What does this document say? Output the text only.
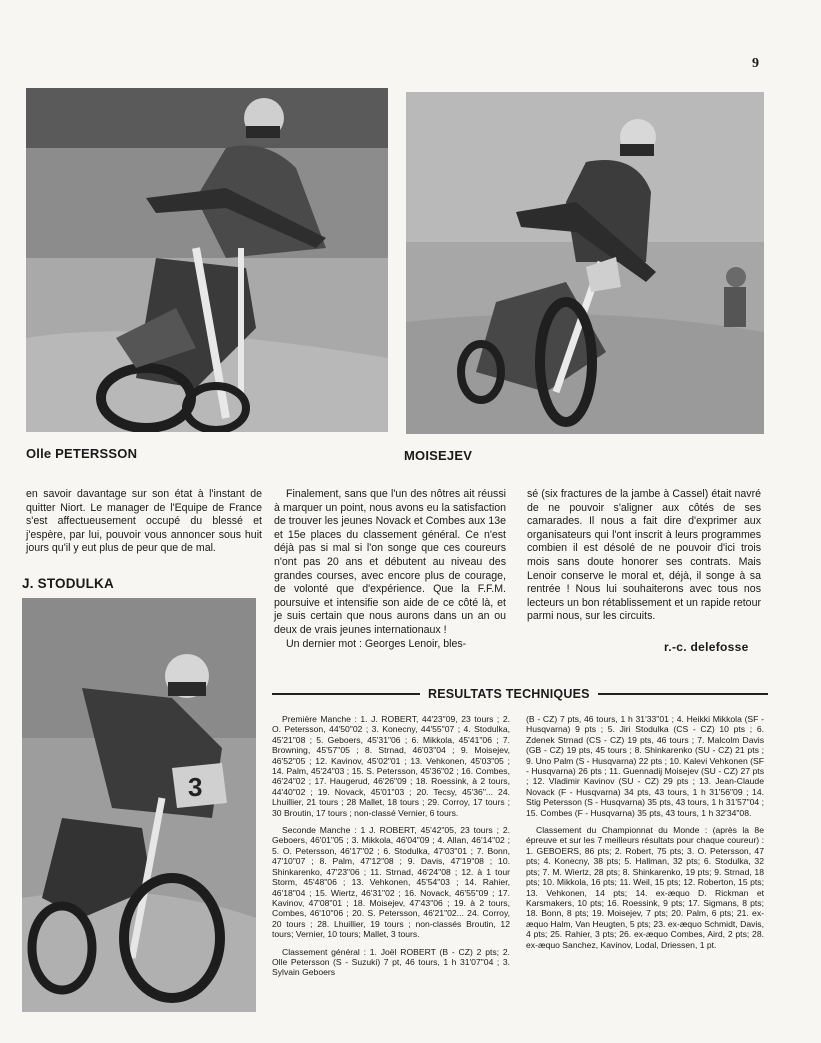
9
3
Olle PETERSSON	MOISEJEV
J. STODULKA

en savoir davantage sur son état à l'instant de quitter Niort. Le manager de l'Equipe de France s'est affectueusement occupé du blessé et j'espère, par lui, pouvoir vous annoncer sous huit jours qu'il y eut plus de peur que de mal.

Finalement, sans que l'un des nôtres ait réussi à marquer un point, nous avons eu la satisfaction de trouver les jeunes Novack et Combes aux 13e et 15e places du classement général. Ce n'est déjà pas si mal si l'on songe que ces coureurs n'ont pas 20 ans et débutent au niveau des grandes courses, avec encore plus de courage, de volonté que d'expérience. Que la F.F.M. poursuive et intensifie son aide de ce côté là, et je suis certain que nous aurons dans un an ou deux de vrais jeunes internationaux !

Un dernier mot : Georges Lenoir, bles-

sé (six fractures de la jambe à Cassel) était navré de ne pouvoir s'aligner aux côtés de ses camarades. Il nous a fait dire d'exprimer aux organisateurs qui l'ont inscrit à leurs programmes combien il est désolé de ne pouvoir d'ici trois mois sans doute honorer ses contrats. Mais Lenoir conserve le moral et, déjà, il songe à sa rentrée ! Nous lui souhaiterons avec tous nos lecteurs un bon rétablissement et un rapide retour parmi nous, sur les circuits.

r.-c. delefosse
RESULTATS TECHNIQUES

Première Manche : 1. J. ROBERT, 44'23"09, 23 tours ; 2. O. Petersson, 44'50"02 ; 3. Konecny, 44'55"07 ; 4. Stodulka, 45'21"08 ; 5. Geboers, 45'31"06 ; 6. Mikkola, 45'41"06 ; 7. Browning, 45'57"05 ; 8. Strnad, 46'03"04 ; 9. Moisejev, 46'52"05 ; 12. Kavinov, 45'02"01 ; 13. Vehkonen, 45'03"05 ; 14. Palm, 45'24"03 ; 15. S. Petersson, 45'36"02 ; 16. Combes, 46'24"02 ; 17. Haugerud, 46'26"09 ; 18. Roessink, à 2 tours, 44'40"02 ; 19. Novack, 45'01"03 ; 20. Tecsy, 45'36"... 24. Lhuillier, 21 tours ; 28 Mallet, 18 tours ; 29. Corroy, 17 tours ; 30 Broutin, 17 tours ; non-classé Vernier, 6 tours.

Seconde Manche : 1 J. ROBERT, 45'42"05, 23 tours ; 2. Geboers, 46'01"05 ; 3. Mikkola, 46'04"09 ; 4. Allan, 46'14"02 ; 5. O. Petersson, 46'17"02 ; 6. Stodulka, 47'03"01 ; 7. Bonn, 47'10"07 ; 8. Palm, 47'12"08 ; 9. Davis, 47'19"08 ; 10. Shinkarenko, 47'23"06 ; 11. Strnad, 46'24"08 ; 12. à 1 tour Storm, 45'48"06 ; 13. Vehkonen, 45'54"03 ; 14. Rahier, 46'18"04 ; 15. Wiertz, 46'31"02 ; 16. Novack, 46'55"09 ; 17. Kavinov, 47'08"01 ; 18. Moisejev, 47'43"06 ; 19. à 2 tours, Combes, 46'10"06 ; 20. S. Petersson, 46'21"02... 24. Corroy, 20 tours ; 28. Lhuillier, 19 tours ; non-classés Broutin, 12 tours; Vernier, 10 tours; Mallet, 3 tours.

Classement général : 1. Joël ROBERT (B - CZ) 2 pts; 2. Olle Petersson (S - Suzuki) 7 pt, 46 tours, 1 h 31'07"04 ; 3. Sylvain Geboers

(B - CZ) 7 pts, 46 tours, 1 h 31'33"01 ; 4. Heikki Mikkola (SF - Husqvarna) 9 pts ; 5. Jiri Stodulka (CS - CZ) 10 pts ; 6. Zdenek Strnad (CS - CZ) 19 pts, 46 tours ; 7. Malcolm Davis (GB - CZ) 19 pts, 45 tours ; 8. Shinkarenko (SU - CZ) 21 pts ; 9. Uno Palm (S - Husqvarna) 22 pts ; 10. Kalevi Vehkonen (SF - Husqvarna) 26 pts ; 11. Guennadij Moisejev (SU - CZ) 27 pts ; 12. Vladimir Kavinov (SU - CZ) 29 pts ; 13. Jean-Claude Novack (F - Husqvarna) 34 pts, 43 tours, 1 h 31'56"09 ; 14. Stig Petersson (S - Husqvarna) 35 pts, 43 tours, 1 h 31'57"04 ; 15. Combes (F - Husqvarna) 35 pts, 43 tours, 1 h 32'34"08.

Classement du Championnat du Monde : (après la 8e épreuve et sur les 7 meilleurs résultats pour chaque coureur) : 1. GEBOERS, 86 pts; 2. Robert, 75 pts; 3. O. Petersson, 47 pts; 4. Konecny, 38 pts; 5. Hallman, 32 pts; 6. Stodulka, 32 pts; 7. M. Wiertz, 28 pts; 8. Shinkarenko, 19 pts; 9. Strnad, 18 pts; 10. Mikkola, 16 pts; 11. Weil, 15 pts; 12. Roberton, 15 pts; 13. Vehkonen, 14 pts; 14. ex-æquo D. Rickman et Karsmakers, 10 pts; 16. Roessink, 9 pts; 17. Sigmans, 8 pts; 18. Bonn, 8 pts; 19. Moisejev, 7 pts; 20. Palm, 6 pts; 21. ex-æquo Halm, Van Heugten, 5 pts; 23. ex-æquo Schmidt, Davis, 4 pts; 25. Rahier, 3 pts; 26. ex-æquo Combes, Aird, 2 pts; 28. ex-æquo Sanchez, Kavinov, Lodal, Driessen, 1 pt.
